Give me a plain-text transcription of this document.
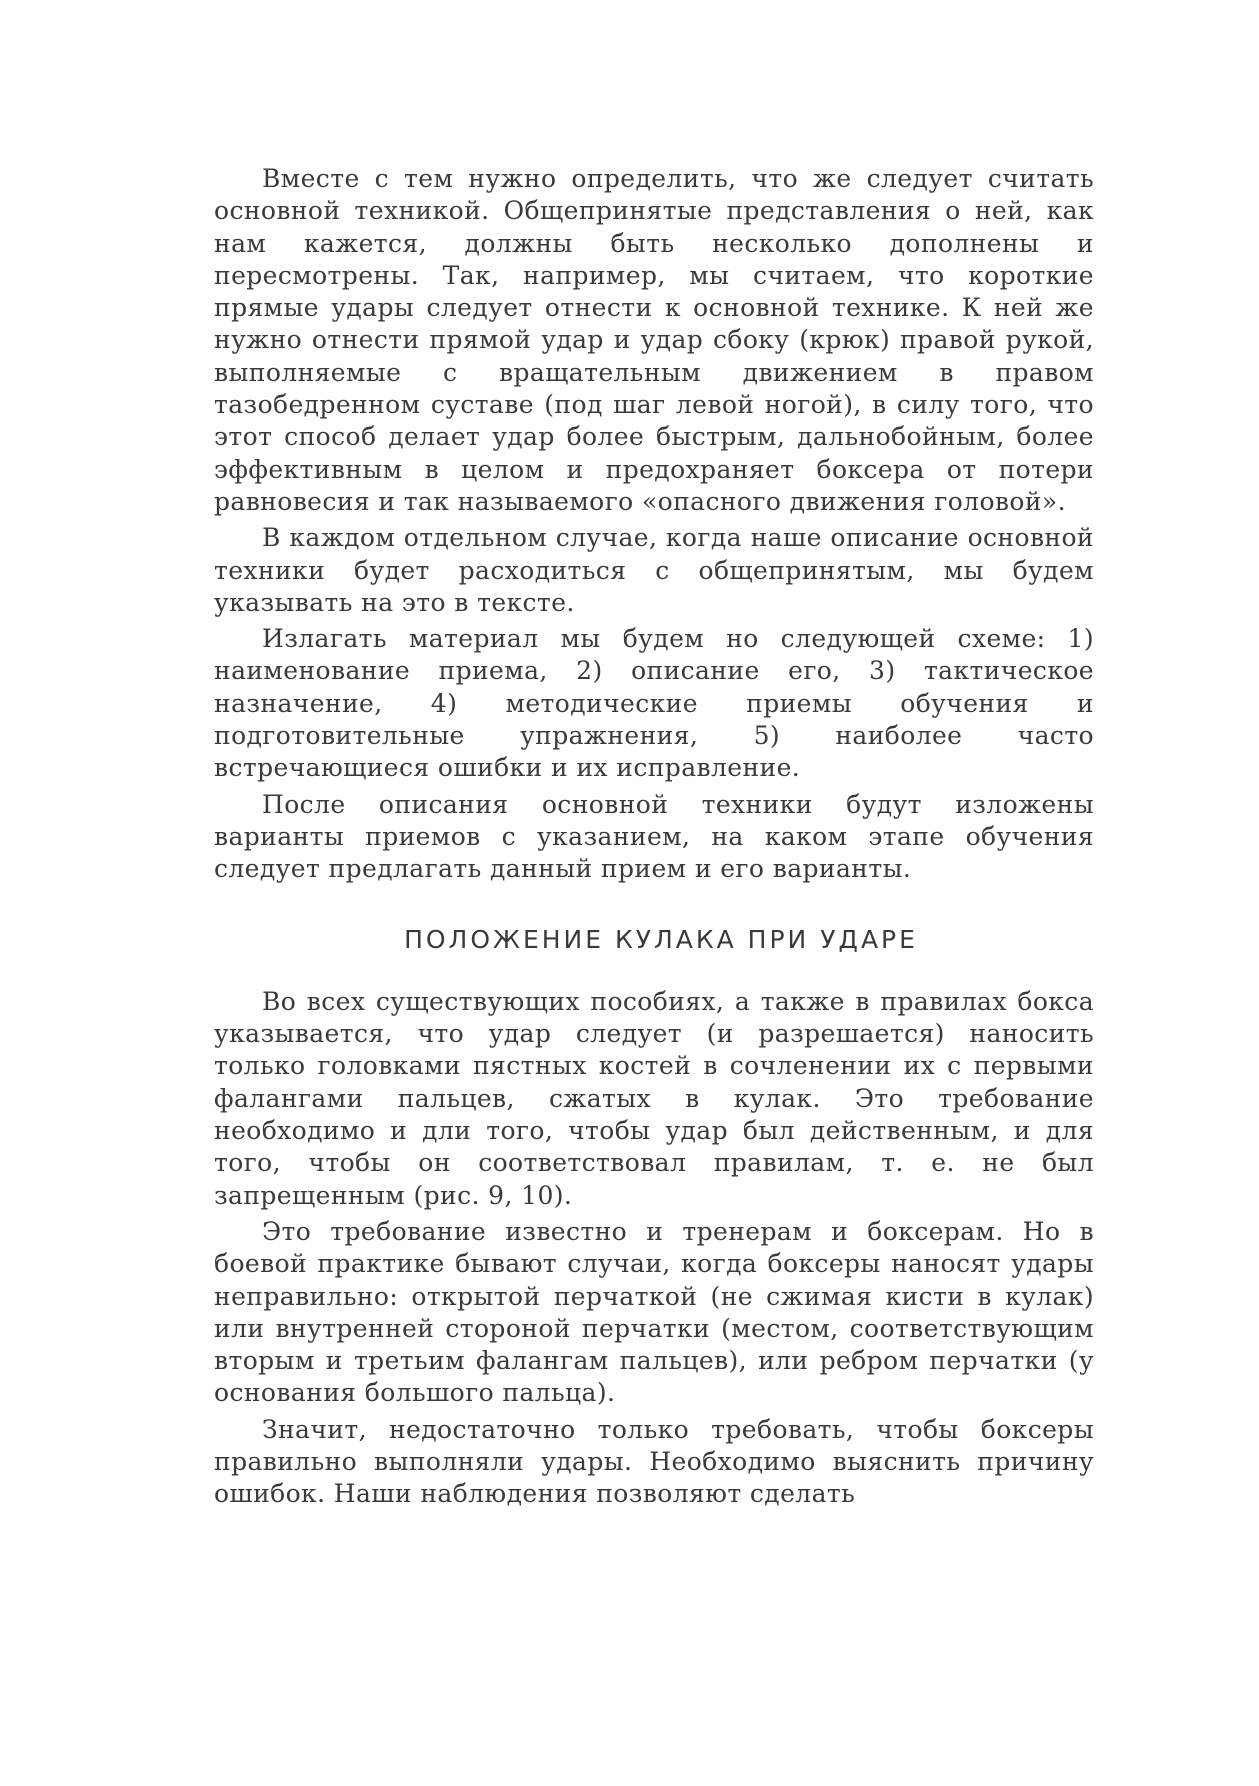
Вместе с тем нужно определить, что же следует считать основной техникой. Общепринятые представления о ней, как нам кажется, должны быть несколько дополнены и пересмотрены. Так, например, мы считаем, что короткие прямые удары следует отнести к основной технике. К ней же нужно отнести прямой удар и удар сбоку (крюк) правой рукой, выполняемые с вращательным движением в правом тазобедренном суставе (под шаг левой ногой), в силу того, что этот способ делает удар более быстрым, дальнобойным, более эффективным в целом и предохраняет боксера от потери равновесия и так называемого «опасного движения головой».

В каждом отдельном случае, когда наше описание основной техники будет расходиться с общепринятым, мы будем указывать на это в тексте.

Излагать материал мы будем но следующей схеме: 1) наименование приема, 2) описание его, 3) тактическое назначение, 4) методические приемы обучения и подготовительные упражнения, 5) наиболее часто встречающиеся ошибки и их исправление.

После описания основной техники будут изложены варианты приемов с указанием, на каком этапе обучения следует предлагать данный прием и его варианты.

ПОЛОЖЕНИЕ КУЛАКА ПРИ УДАРЕ

Во всех существующих пособиях, а также в правилах бокса указывается, что удар следует (и разрешается) наносить только головками пястных костей в сочленении их с первыми фалангами пальцев, сжатых в кулак. Это требование необходимо и дли того, чтобы удар был действенным, и для того, чтобы он соответствовал правилам, т. е. не был запрещенным (рис. 9, 10).

Это требование известно и тренерам и боксерам. Но в боевой практике бывают случаи, когда боксеры наносят удары неправильно: открытой перчаткой (не сжимая кисти в кулак) или внутренней стороной перчатки (местом, соответствующим вторым и третьим фалангам пальцев), или ребром перчатки (у основания большого пальца).

Значит, недостаточно только требовать, чтобы боксеры правильно выполняли удары. Необходимо выяснить причину ошибок. Наши наблюдения позволяют сделать
